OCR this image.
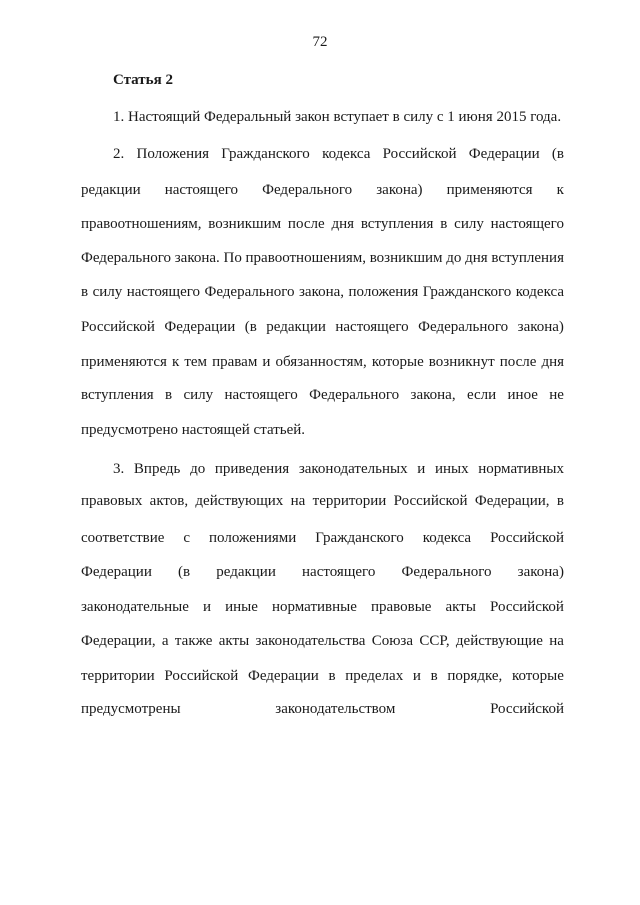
72
Статья 2
1. Настоящий Федеральный закон вступает в силу с 1 июня 2015 года.
2. Положения Гражданского кодекса Российской Федерации (в
редакции настоящего Федерального закона) применяются к
правоотношениям, возникшим после дня вступления в силу настоящего
Федерального закона. По правоотношениям, возникшим до дня вступления
в силу настоящего Федерального закона, положения Гражданского кодекса
Российской Федерации (в редакции настоящего Федерального закона)
применяются к тем правам и обязанностям, которые возникнут после дня
вступления в силу настоящего Федерального закона, если иное не
предусмотрено настоящей статьей.
3. Впредь до приведения законодательных и иных нормативных
правовых актов, действующих на территории Российской Федерации, в
соответствие с положениями Гражданского кодекса Российской
Федерации (в редакции настоящего Федерального закона)
законодательные и иные нормативные правовые акты Российской
Федерации, а также акты законодательства Союза ССР, действующие на
территории Российской Федерации в пределах и в порядке, которые
предусмотрены	законодательством	Российской
